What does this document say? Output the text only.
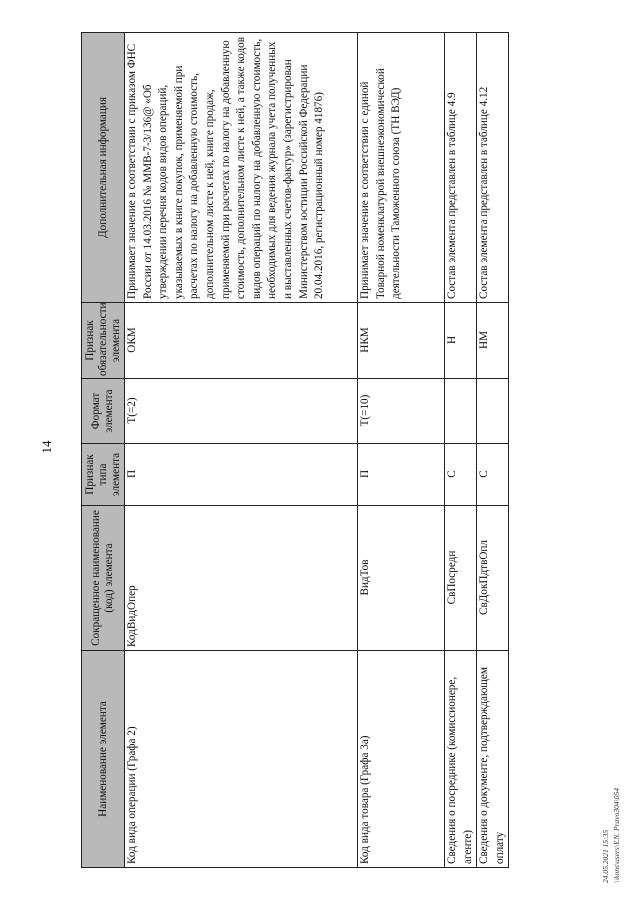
14
Наименование элемента	Сокращенное наименование (код) элемента	Признак типа элемента	Формат элемента	Признак обязательности элемента	Дополнительная информация
Код вида операции (Графа 2)	КодВидОпер	П	T(=2)	ОКМ	Принимает значение в соответствии с приказом ФНС России от 14.03.2016 № ММВ-7-3/136@ «Об утверждении перечня кодов видов операций, указываемых в книге покупок, применяемой при расчетах по налогу на добавленную стоимость, дополнительном листе к ней, книге продаж, применяемой при расчетах по налогу на добавленную стоимость, дополнительном листе к ней, а также кодов видов операций по налогу на добавленную стоимость, необходимых для ведения журнала учета полученных и выставленных счетов-фактур» (зарегистрирован Министерством юстиции Российской Федерации 20.04.2016, регистрационный номер 41876)
Код вида товара (Графа 3а)	ВидТов	П	T(=10)	НКМ	Принимает значение в соответствии с единой Товарной номенклатурой внешнеэкономической деятельности Таможенного союза (ТН ВЭД)
Сведения о посреднике (комиссионере, агенте)	СвПосредн	С		Н	Состав элемента представлен в таблице 4.9
Сведения о документе, подтверждающем оплату	СвДокПдтвОпл	С		НМ	Состав элемента представлен в таблице 4.12
24.05.2021 15:35 \\kons\users\Y.N. Pravo304\054
